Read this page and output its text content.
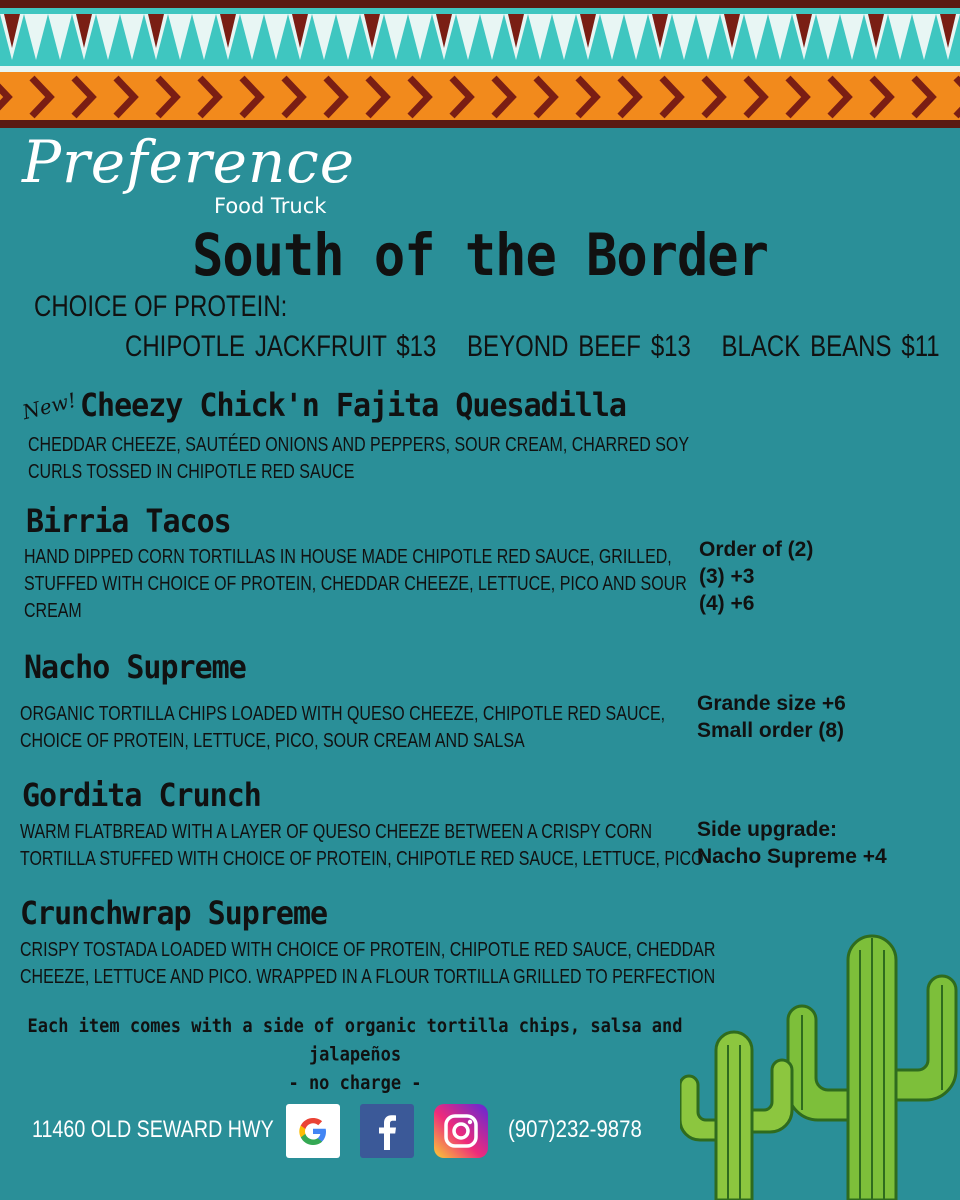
Preference
Food Truck
South of the Border
CHOICE OF PROTEIN:
CHIPOTLE JACKFRUIT $13 BEYOND BEEF $13 BLACK BEANS $11
New! Cheezy Chick'n Fajita Quesadilla
CHEDDAR CHEEZE, SAUTÉED ONIONS AND PEPPERS, SOUR CREAM, CHARRED SOY
CURLS TOSSED IN CHIPOTLE RED SAUCE
Birria Tacos
HAND DIPPED CORN TORTILLAS IN HOUSE MADE CHIPOTLE RED SAUCE, GRILLED,
STUFFED WITH CHOICE OF PROTEIN, CHEDDAR CHEEZE, LETTUCE, PICO AND SOUR
CREAM
Order of (2)
(3) +3
(4) +6
Nacho Supreme
ORGANIC TORTILLA CHIPS LOADED WITH QUESO CHEEZE, CHIPOTLE RED SAUCE,
CHOICE OF PROTEIN, LETTUCE, PICO, SOUR CREAM AND SALSA
Grande size +6
Small order (8)
Gordita Crunch
WARM FLATBREAD WITH A LAYER OF QUESO CHEEZE BETWEEN A CRISPY CORN
TORTILLA STUFFED WITH CHOICE OF PROTEIN, CHIPOTLE RED SAUCE, LETTUCE, PICO
Side upgrade:
Nacho Supreme +4
Crunchwrap Supreme
CRISPY TOSTADA LOADED WITH CHOICE OF PROTEIN, CHIPOTLE RED SAUCE, CHEDDAR
CHEEZE, LETTUCE AND PICO. WRAPPED IN A FLOUR TORTILLA GRILLED TO PERFECTION
Each item comes with a side of organic tortilla chips, salsa and jalapeños
- no charge -
11460 OLD SEWARD HWY	(907)232-9878
